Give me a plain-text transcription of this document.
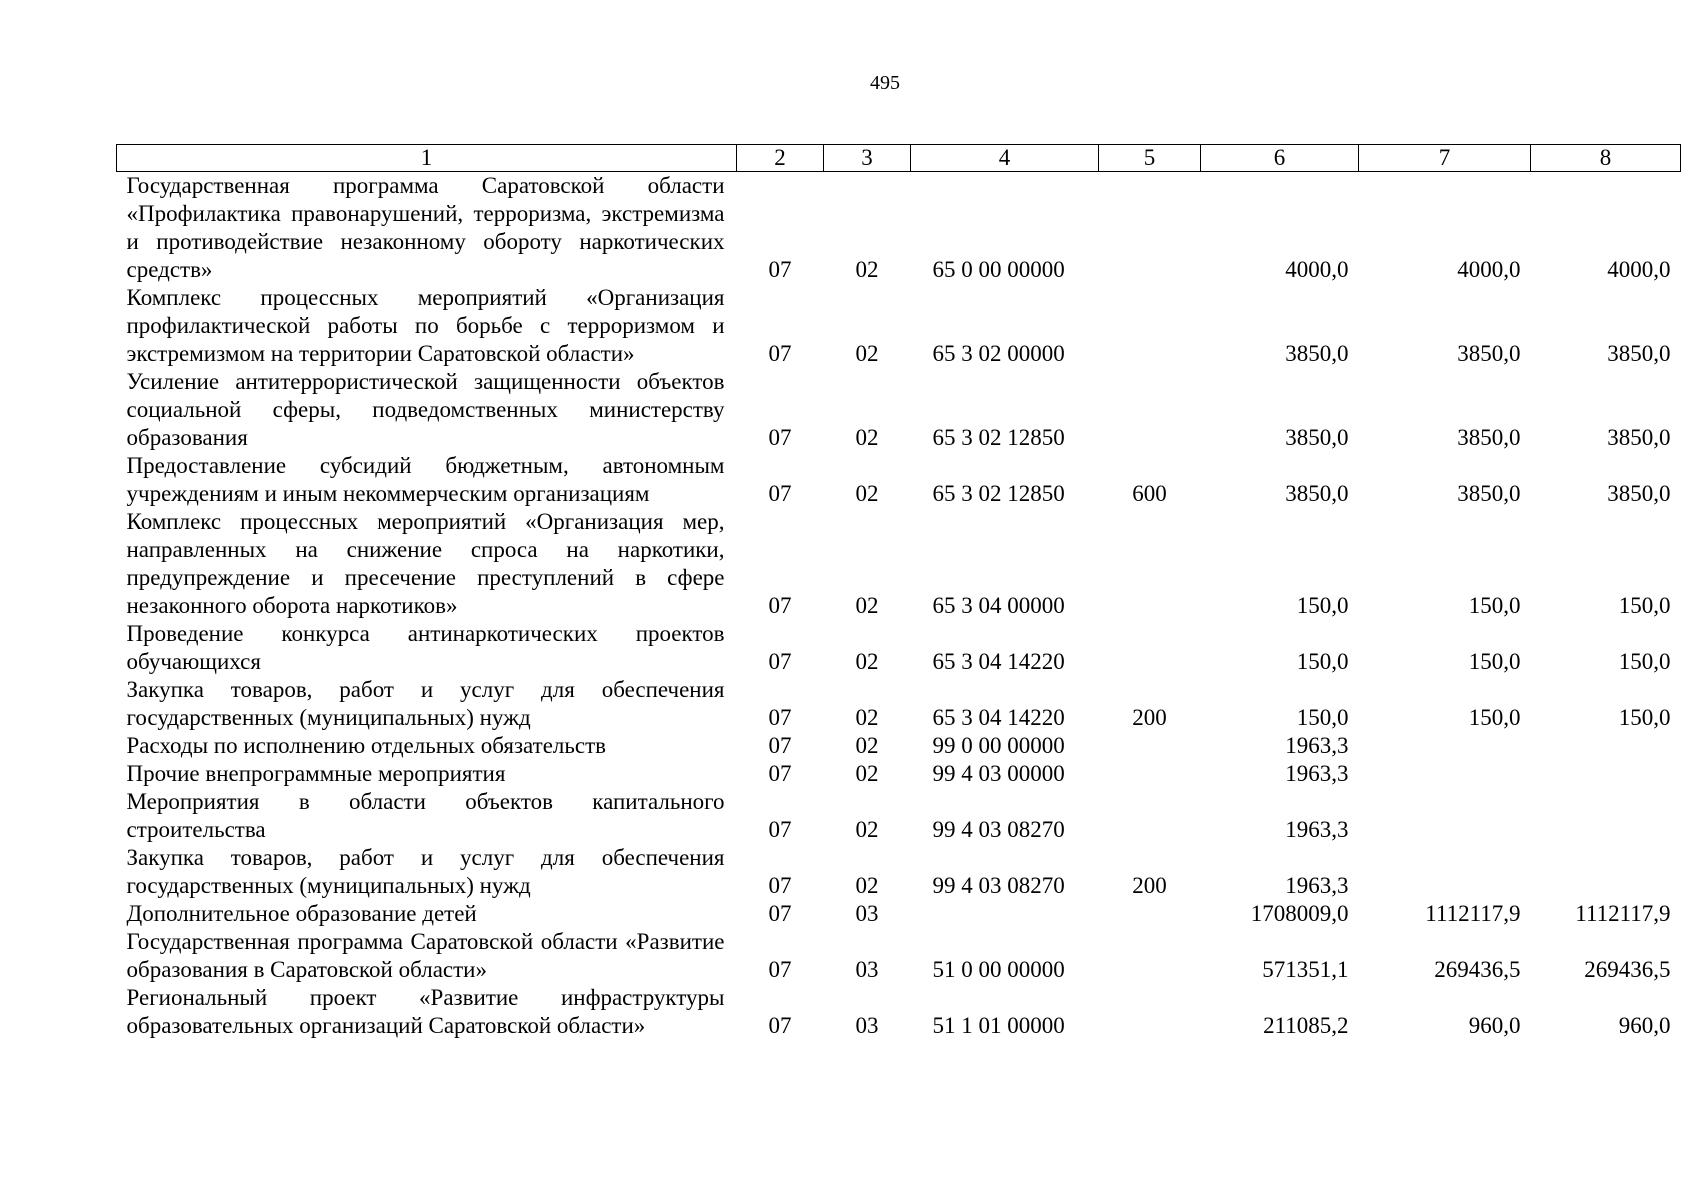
495
1	2	3	4	5	6	7	8
Государственная программа Саратовской области «Профилактика правонарушений, терроризма, экстремизма и противодействие незаконному обороту наркотических средств»	07	02	65 0 00 00000		4000,0	4000,0	4000,0
Комплекс процессных мероприятий «Организация профилактической работы по борьбе с терроризмом и экстремизмом на территории Саратовской области»	07	02	65 3 02 00000		3850,0	3850,0	3850,0
Усиление антитеррористической защищенности объектов социальной сферы, подведомственных министерству образования	07	02	65 3 02 12850		3850,0	3850,0	3850,0
Предоставление субсидий бюджетным, автономным учреждениям и иным некоммерческим организациям	07	02	65 3 02 12850	600	3850,0	3850,0	3850,0
Комплекс процессных мероприятий «Организация мер, направленных на снижение спроса на наркотики, предупреждение и пресечение преступлений в сфере незаконного оборота наркотиков»	07	02	65 3 04 00000		150,0	150,0	150,0
Проведение конкурса антинаркотических проектов обучающихся	07	02	65 3 04 14220		150,0	150,0	150,0
Закупка товаров, работ и услуг для обеспечения государственных (муниципальных) нужд	07	02	65 3 04 14220	200	150,0	150,0	150,0
Расходы по исполнению отдельных обязательств	07	02	99 0 00 00000		1963,3		
Прочие внепрограммные мероприятия	07	02	99 4 03 00000		1963,3		
Мероприятия в области объектов капитального строительства	07	02	99 4 03 08270		1963,3		
Закупка товаров, работ и услуг для обеспечения государственных (муниципальных) нужд	07	02	99 4 03 08270	200	1963,3		
Дополнительное образование детей	07	03			1708009,0	1112117,9	1112117,9
Государственная программа Саратовской области «Развитие образования в Саратовской области»	07	03	51 0 00 00000		571351,1	269436,5	269436,5
Региональный проект «Развитие инфраструктуры образовательных организаций Саратовской области»	07	03	51 1 01 00000		211085,2	960,0	960,0
